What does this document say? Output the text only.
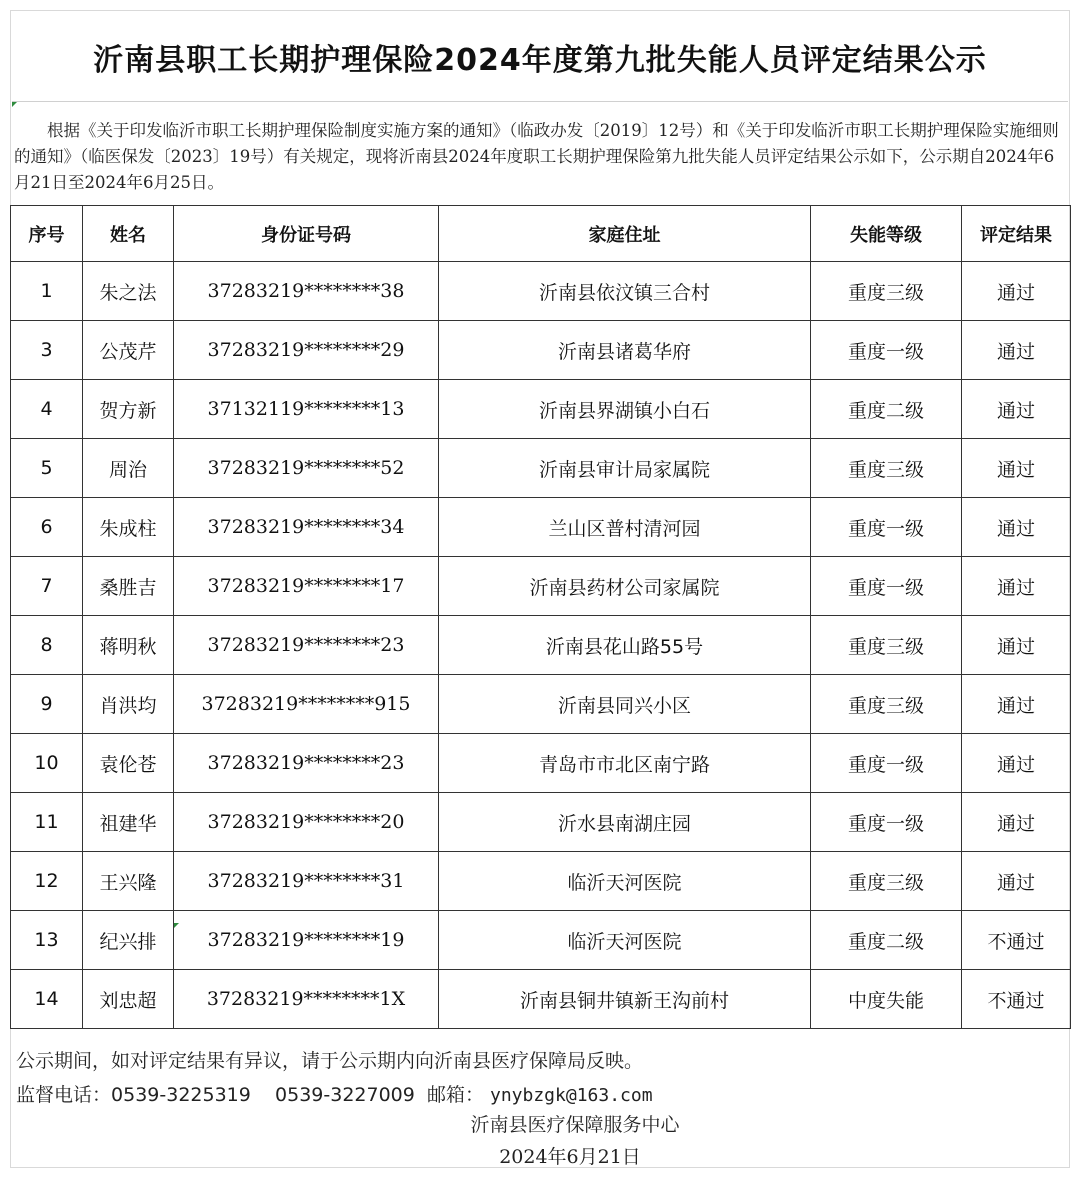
沂南县职工长期护理保险2024年度第九批失能人员评定结果公示

根据《关于印发临沂市职工长期护理保险制度实施方案的通知》（临政办发〔2019〕12号）和《关于印发临沂市职工长期护理保险实施细则的通知》（临医保发〔2023〕19号）有关规定，现将沂南县2024年度职工长期护理保险第九批失能人员评定结果公示如下，公示期自2024年6月21日至2024年6月25日。

序号	姓名	身份证号码	家庭住址	失能等级	评定结果
1	朱之法	37283219********38	沂南县依汶镇三合村	重度三级	通过
3	公茂芹	37283219********29	沂南县诸葛华府	重度一级	通过
4	贺方新	37132119********13	沂南县界湖镇小白石	重度二级	通过
5	周治	37283219********52	沂南县审计局家属院	重度三级	通过
6	朱成柱	37283219********34	兰山区普村清河园	重度一级	通过
7	桑胜吉	37283219********17	沂南县药材公司家属院	重度一级	通过
8	蒋明秋	37283219********23	沂南县花山路55号	重度三级	通过
9	肖洪均	37283219********915	沂南县同兴小区	重度三级	通过
10	袁伦苍	37283219********23	青岛市市北区南宁路	重度一级	通过
11	祖建华	37283219********20	沂水县南湖庄园	重度一级	通过
12	王兴隆	37283219********31	临沂天河医院	重度三级	通过
13	纪兴排	37283219********19	临沂天河医院	重度二级	不通过
14	刘忠超	37283219********1X	沂南县铜井镇新王沟前村	中度失能	不通过
公示期间，如对评定结果有异议，请于公示期内向沂南县医疗保障局反映。
监督电话：0539-3225319 0539-3227009 邮箱： ynybzgk@163.com
沂南县医疗保障服务中心
2024年6月21日
